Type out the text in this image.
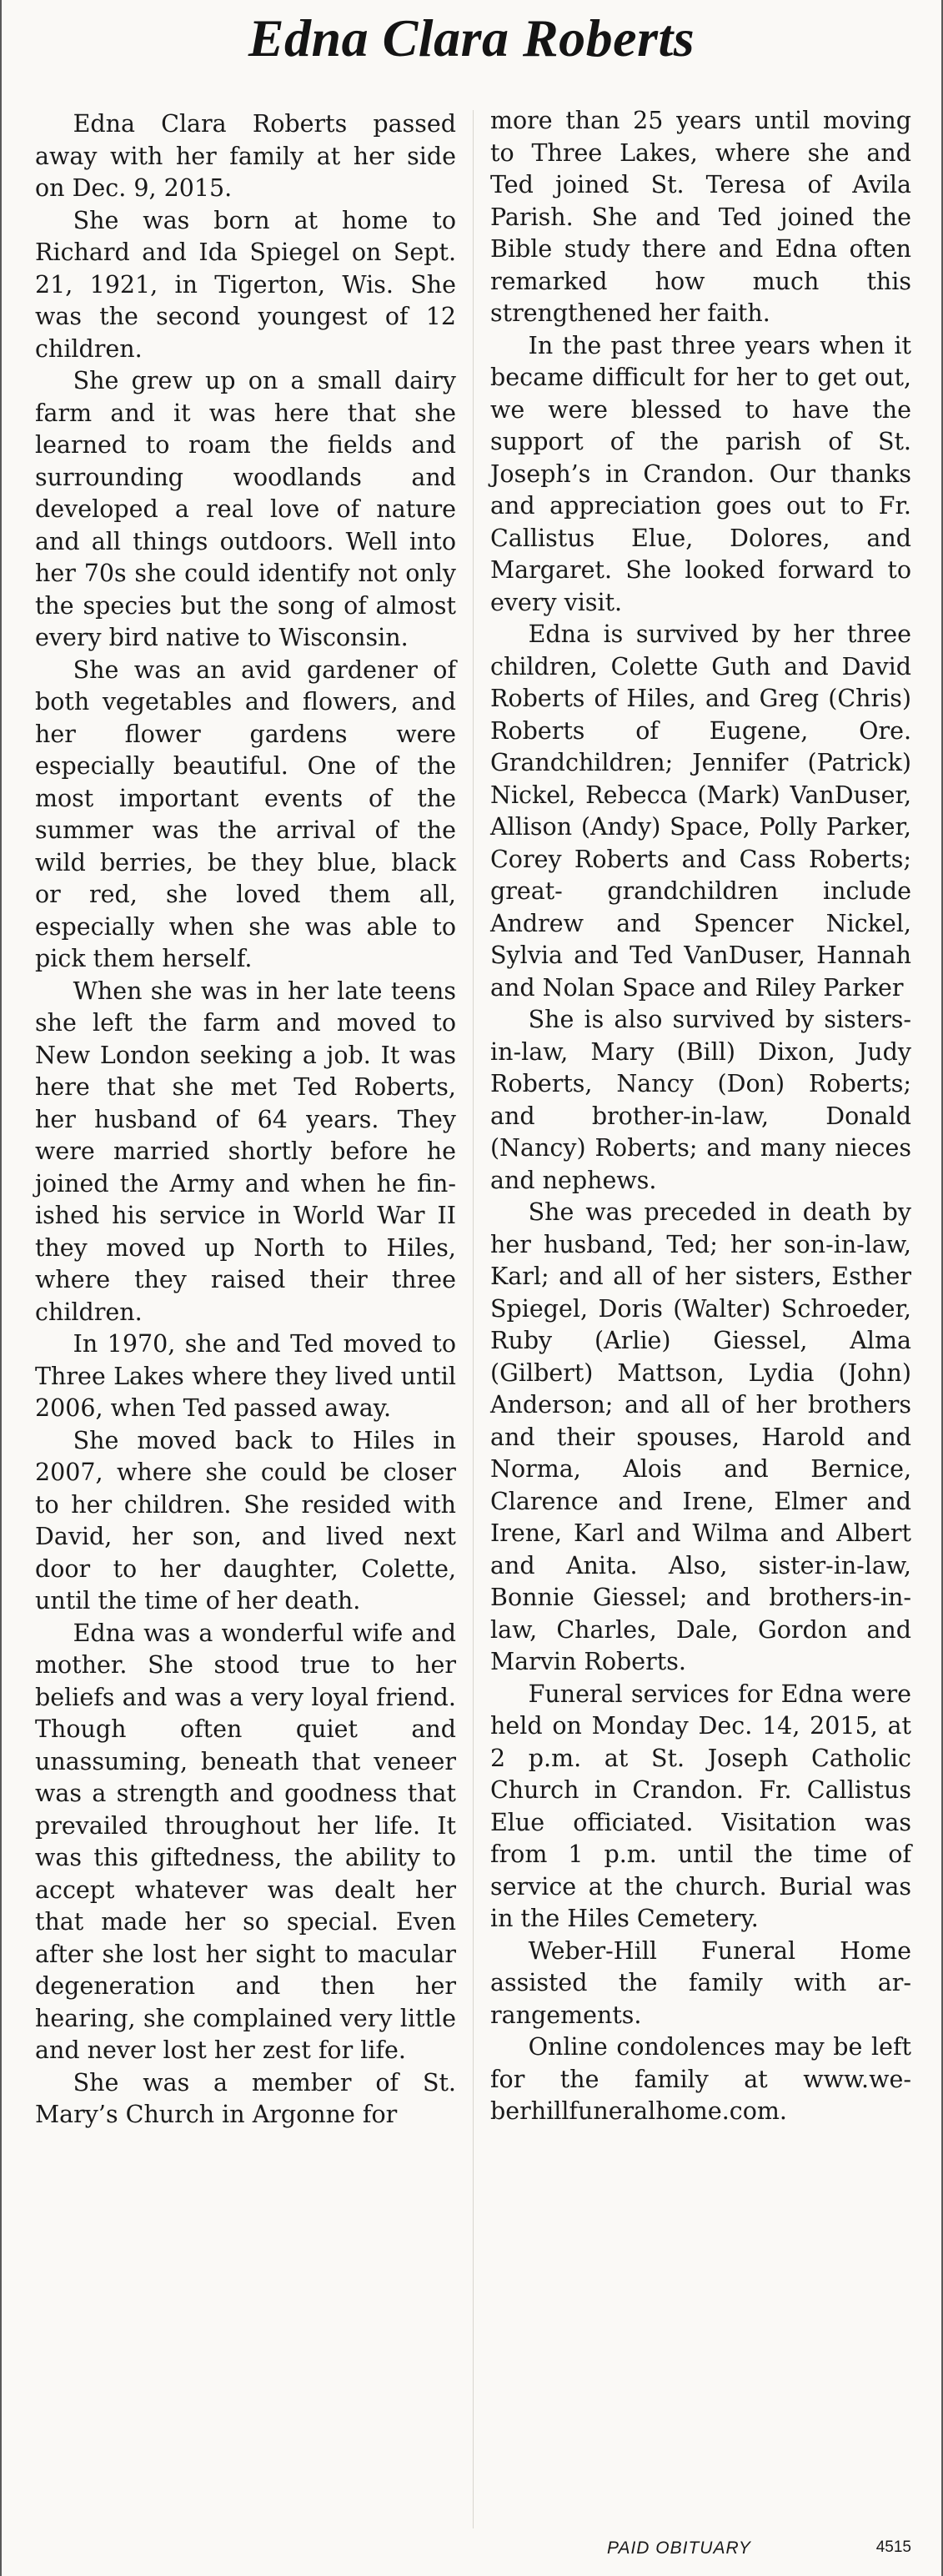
Edna Clara Roberts

Edna Clara Roberts passed away with her family at her side on Dec. 9, 2015.

She was born at home to Richard and Ida Spiegel on Sept. 21, 1921, in Tigerton, Wis. She was the second youngest of 12 children.

She grew up on a small dairy farm and it was here that she learned to roam the fields and surrounding woodlands and developed a real love of nature and all things outdoors. Well into her 70s she could identify not only the species but the song of almost every bird native to Wisconsin.

She was an avid gardener of both vegetables and flowers, and her flower gardens were especially beautiful. One of the most important events of the summer was the arrival of the wild berries, be they blue, black or red, she loved them all, especially when she was able to pick them herself.

When she was in her late teens she left the farm and moved to New London seeking a job. It was here that she met Ted Roberts, her husband of 64 years. They were married shortly before he joined the Army and when he finished his service in World War II they moved up North to Hiles, where they raised their three children.

In 1970, she and Ted moved to Three Lakes where they lived until 2006, when Ted passed away.

She moved back to Hiles in 2007, where she could be closer to her children. She resided with David, her son, and lived next door to her daughter, Colette, until the time of her death.

Edna was a wonderful wife and mother. She stood true to her beliefs and was a very loyal friend. Though often quiet and unassuming, beneath that veneer was a strength and goodness that prevailed throughout her life. It was this giftedness, the ability to accept whatever was dealt her that made her so special. Even after she lost her sight to macular degeneration and then her hearing, she complained very little and never lost her zest for life.

She was a member of St. Mary’s Church in Argonne for

more than 25 years until moving to Three Lakes, where she and Ted joined St. Teresa of Avila Parish. She and Ted joined the Bible study there and Edna often remarked how much this strengthened her faith.

In the past three years when it became difficult for her to get out, we were blessed to have the support of the parish of St. Joseph’s in Crandon. Our thanks and appreciation goes out to Fr. Callistus Elue, Dolores, and Margaret. She looked forward to every visit.

Edna is survived by her three children, Colette Guth and David Roberts of Hiles, and Greg (Chris) Roberts of Eugene, Ore. Grandchildren; Jennifer (Patrick) Nickel, Rebecca (Mark) VanDuser, Allison (Andy) Space, Polly Parker, Corey Roberts and Cass Roberts; great- grandchildren include Andrew and Spencer Nickel, Sylvia and Ted VanDuser, Hannah and Nolan Space and Riley Parker

She is also survived by sisters-in-law, Mary (Bill) Dixon, Judy Roberts, Nancy (Don) Roberts; and brother-in-law, Donald (Nancy) Roberts; and many nieces and nephews.

She was preceded in death by her husband, Ted; her son-in-law, Karl; and all of her sisters, Esther Spiegel, Doris (Walter) Schroeder, Ruby (Arlie) Giessel, Alma (Gilbert) Mattson, Lydia (John) Anderson; and all of her brothers and their spouses, Harold and Norma, Alois and Bernice, Clarence and Irene, Elmer and Irene, Karl and Wilma and Albert and Anita. Also, sister-in-law, Bonnie Giessel; and brothers-in-law, Charles, Dale, Gordon and Marvin Roberts.

Funeral services for Edna were held on Monday Dec. 14, 2015, at 2 p.m. at St. Joseph Catholic Church in Crandon. Fr. Callistus Elue officiated. Visitation was from 1 p.m. until the time of service at the church. Burial was in the Hiles Cemetery.

Weber-Hill Funeral Home assisted the family with arrangements.

Online condolences may be left for the family at www.weberhillfuneralhome.com.

PAID OBITUARY	4515
